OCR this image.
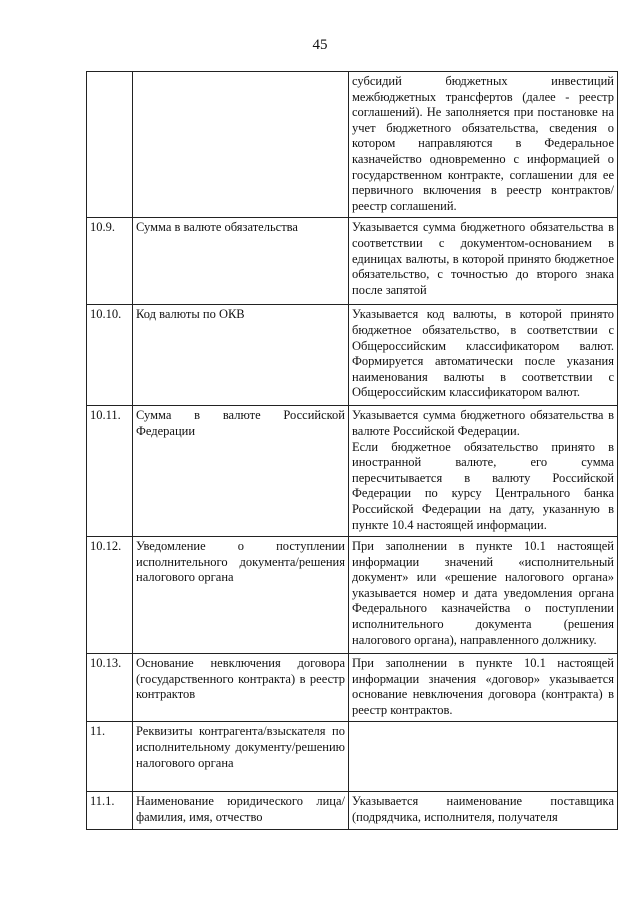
45
		субсидий бюджетных инвестиций межбюджетных трансфертов (далее - реестр соглашений). Не заполняется при постановке на учет бюджетного обязательства, сведения о котором направляются в Федеральное казначейство одновременно с информацией о государственном контракте, соглашении для ее первичного включения в реестр контрактов/реестр соглашений.
10.9.	Сумма в валюте обязательства	Указывается сумма бюджетного обязательства в соответствии с документом-основанием в единицах валюты, в которой принято бюджетное обязательство, с точностью до второго знака после запятой
10.10.	Код валюты по ОКВ	Указывается код валюты, в которой принято бюджетное обязательство, в соответствии с Общероссийским классификатором валют. Формируется автоматически после указания наименования валюты в соответствии с Общероссийским классификатором валют.
10.11.	Сумма в валюте Российской Федерации	Указывается сумма бюджетного обязательства в валюте Российской Федерации.
Если бюджетное обязательство принято в иностранной валюте, его сумма пересчитывается в валюту Российской Федерации по курсу Центрального банка Российской Федерации на дату, указанную в пункте 10.4 настоящей информации.
10.12.	Уведомление о поступлении исполнительного документа/решения налогового органа	При заполнении в пункте 10.1 настоящей информации значений «исполнительный документ» или «решение налогового органа» указывается номер и дата уведомления органа Федерального казначейства о поступлении исполнительного документа (решения налогового органа), направленного должнику.
10.13.	Основание невключения договора (государственного контракта) в реестр контрактов	При заполнении в пункте 10.1 настоящей информации значения «договор» указывается основание невключения договора (контракта) в реестр контрактов.
11.	Реквизиты контрагента/взыскателя по исполнительному документу/решению налогового органа	
11.1.	Наименование юридического лица/фамилия, имя, отчество	Указывается наименование поставщика (подрядчика, исполнителя, получателя
